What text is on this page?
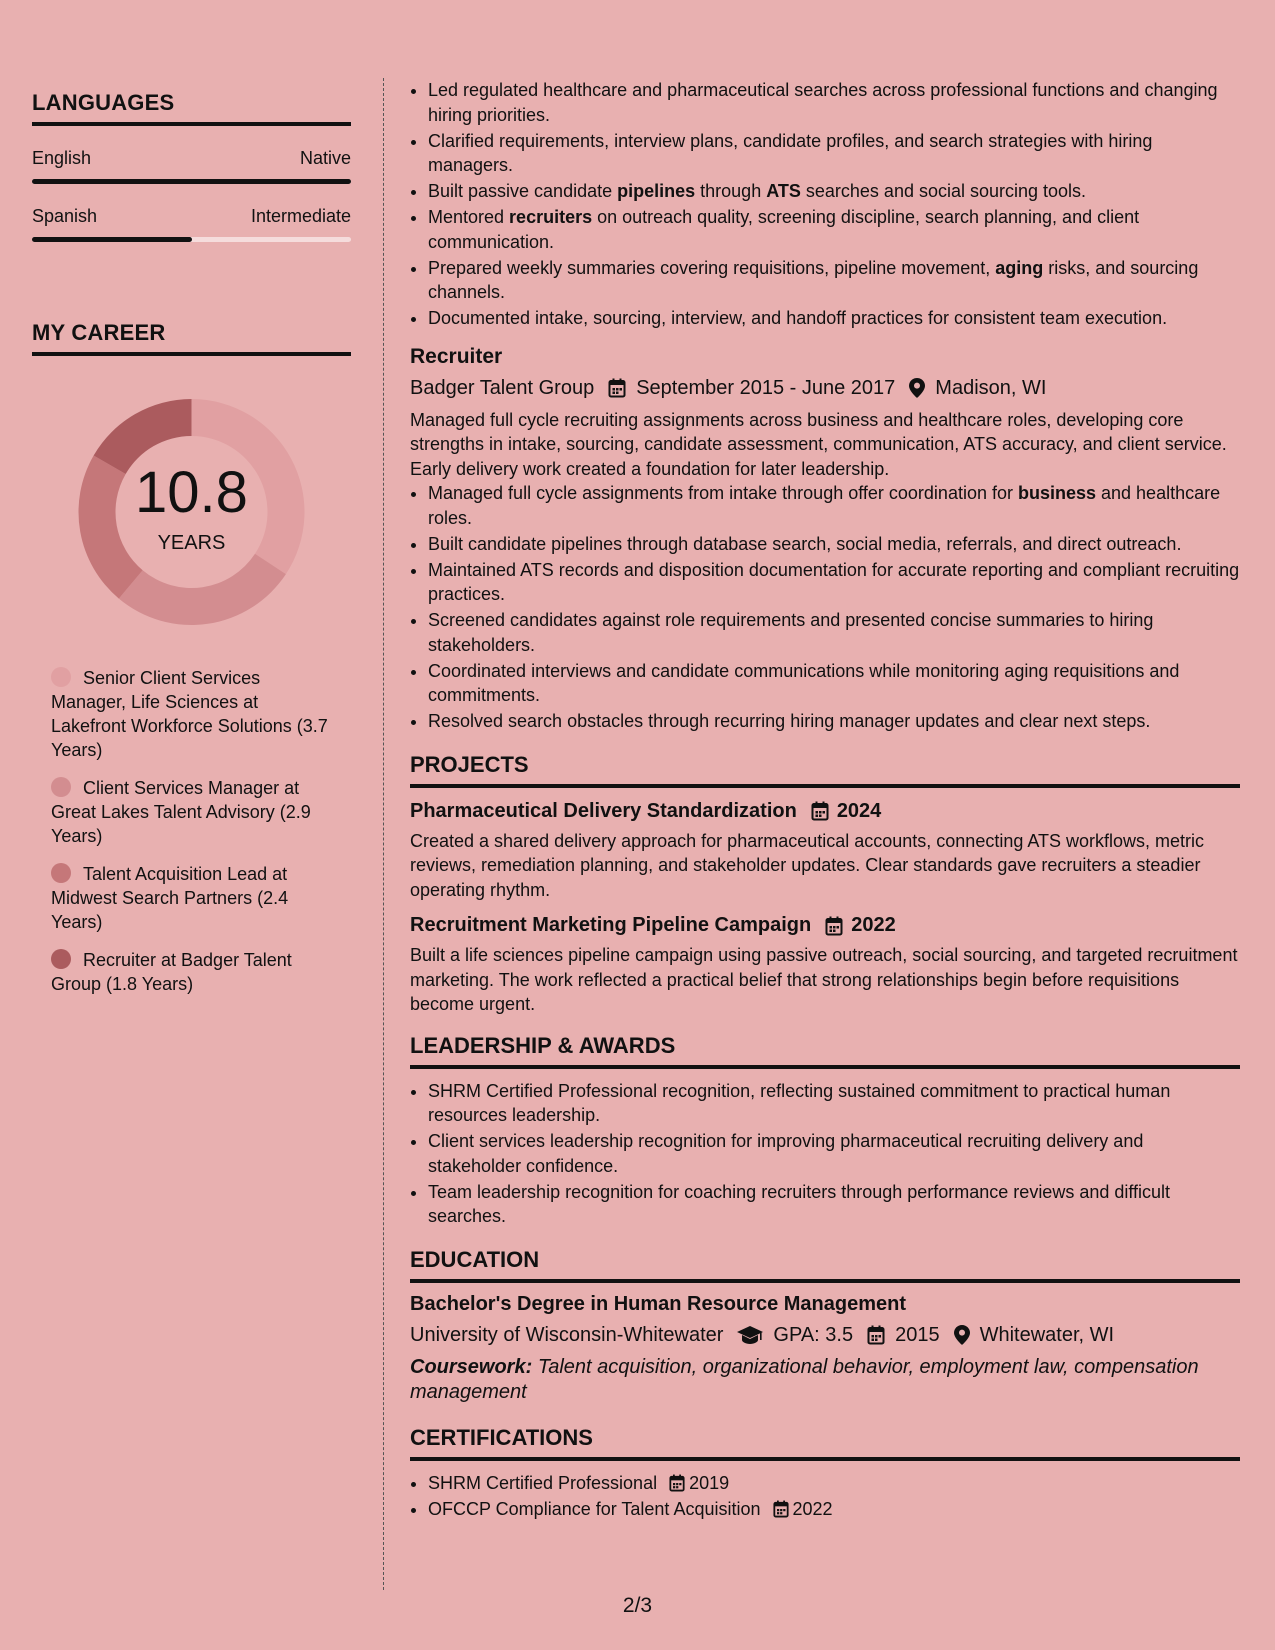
LANGUAGES
English	Native
Spanish	Intermediate
MY CAREER
10.8
YEARS
Senior Client Services Manager, Life Sciences at Lakefront Workforce Solutions (3.7 Years)
Client Services Manager at Great Lakes Talent Advisory (2.9 Years)
Talent Acquisition Lead at Midwest Search Partners (2.4 Years)
Recruiter at Badger Talent Group (1.8 Years)
• Led regulated healthcare and pharmaceutical searches across professional functions and changing hiring priorities.
• Clarified requirements, interview plans, candidate profiles, and search strategies with hiring managers.
• Built passive candidate pipelines through ATS searches and social sourcing tools.
• Mentored recruiters on outreach quality, screening discipline, search planning, and client communication.
• Prepared weekly summaries covering requisitions, pipeline movement, aging risks, and sourcing channels.
• Documented intake, sourcing, interview, and handoff practices for consistent team execution.
Recruiter
Badger Talent Group September 2015 - June 2017 Madison, WI
Managed full cycle recruiting assignments across business and healthcare roles, developing core strengths in intake, sourcing, candidate assessment, communication, ATS accuracy, and client service. Early delivery work created a foundation for later leadership.
• Managed full cycle assignments from intake through offer coordination for business and healthcare roles.
• Built candidate pipelines through database search, social media, referrals, and direct outreach.
• Maintained ATS records and disposition documentation for accurate reporting and compliant recruiting practices.
• Screened candidates against role requirements and presented concise summaries to hiring stakeholders.
• Coordinated interviews and candidate communications while monitoring aging requisitions and commitments.
• Resolved search obstacles through recurring hiring manager updates and clear next steps.
PROJECTS
Pharmaceutical Delivery Standardization 2024
Created a shared delivery approach for pharmaceutical accounts, connecting ATS workflows, metric reviews, remediation planning, and stakeholder updates. Clear standards gave recruiters a steadier operating rhythm.
Recruitment Marketing Pipeline Campaign 2022
Built a life sciences pipeline campaign using passive outreach, social sourcing, and targeted recruitment marketing. The work reflected a practical belief that strong relationships begin before requisitions become urgent.
LEADERSHIP & AWARDS
• SHRM Certified Professional recognition, reflecting sustained commitment to practical human resources leadership.
• Client services leadership recognition for improving pharmaceutical recruiting delivery and stakeholder confidence.
• Team leadership recognition for coaching recruiters through performance reviews and difficult searches.
EDUCATION
Bachelor's Degree in Human Resource Management
University of Wisconsin-Whitewater	GPA: 3.5 2015 Whitewater, WI
Coursework: Talent acquisition, organizational behavior, employment law, compensation management
CERTIFICATIONS
• SHRM Certified Professional 2019
• OFCCP Compliance for Talent Acquisition 2022
2/3
